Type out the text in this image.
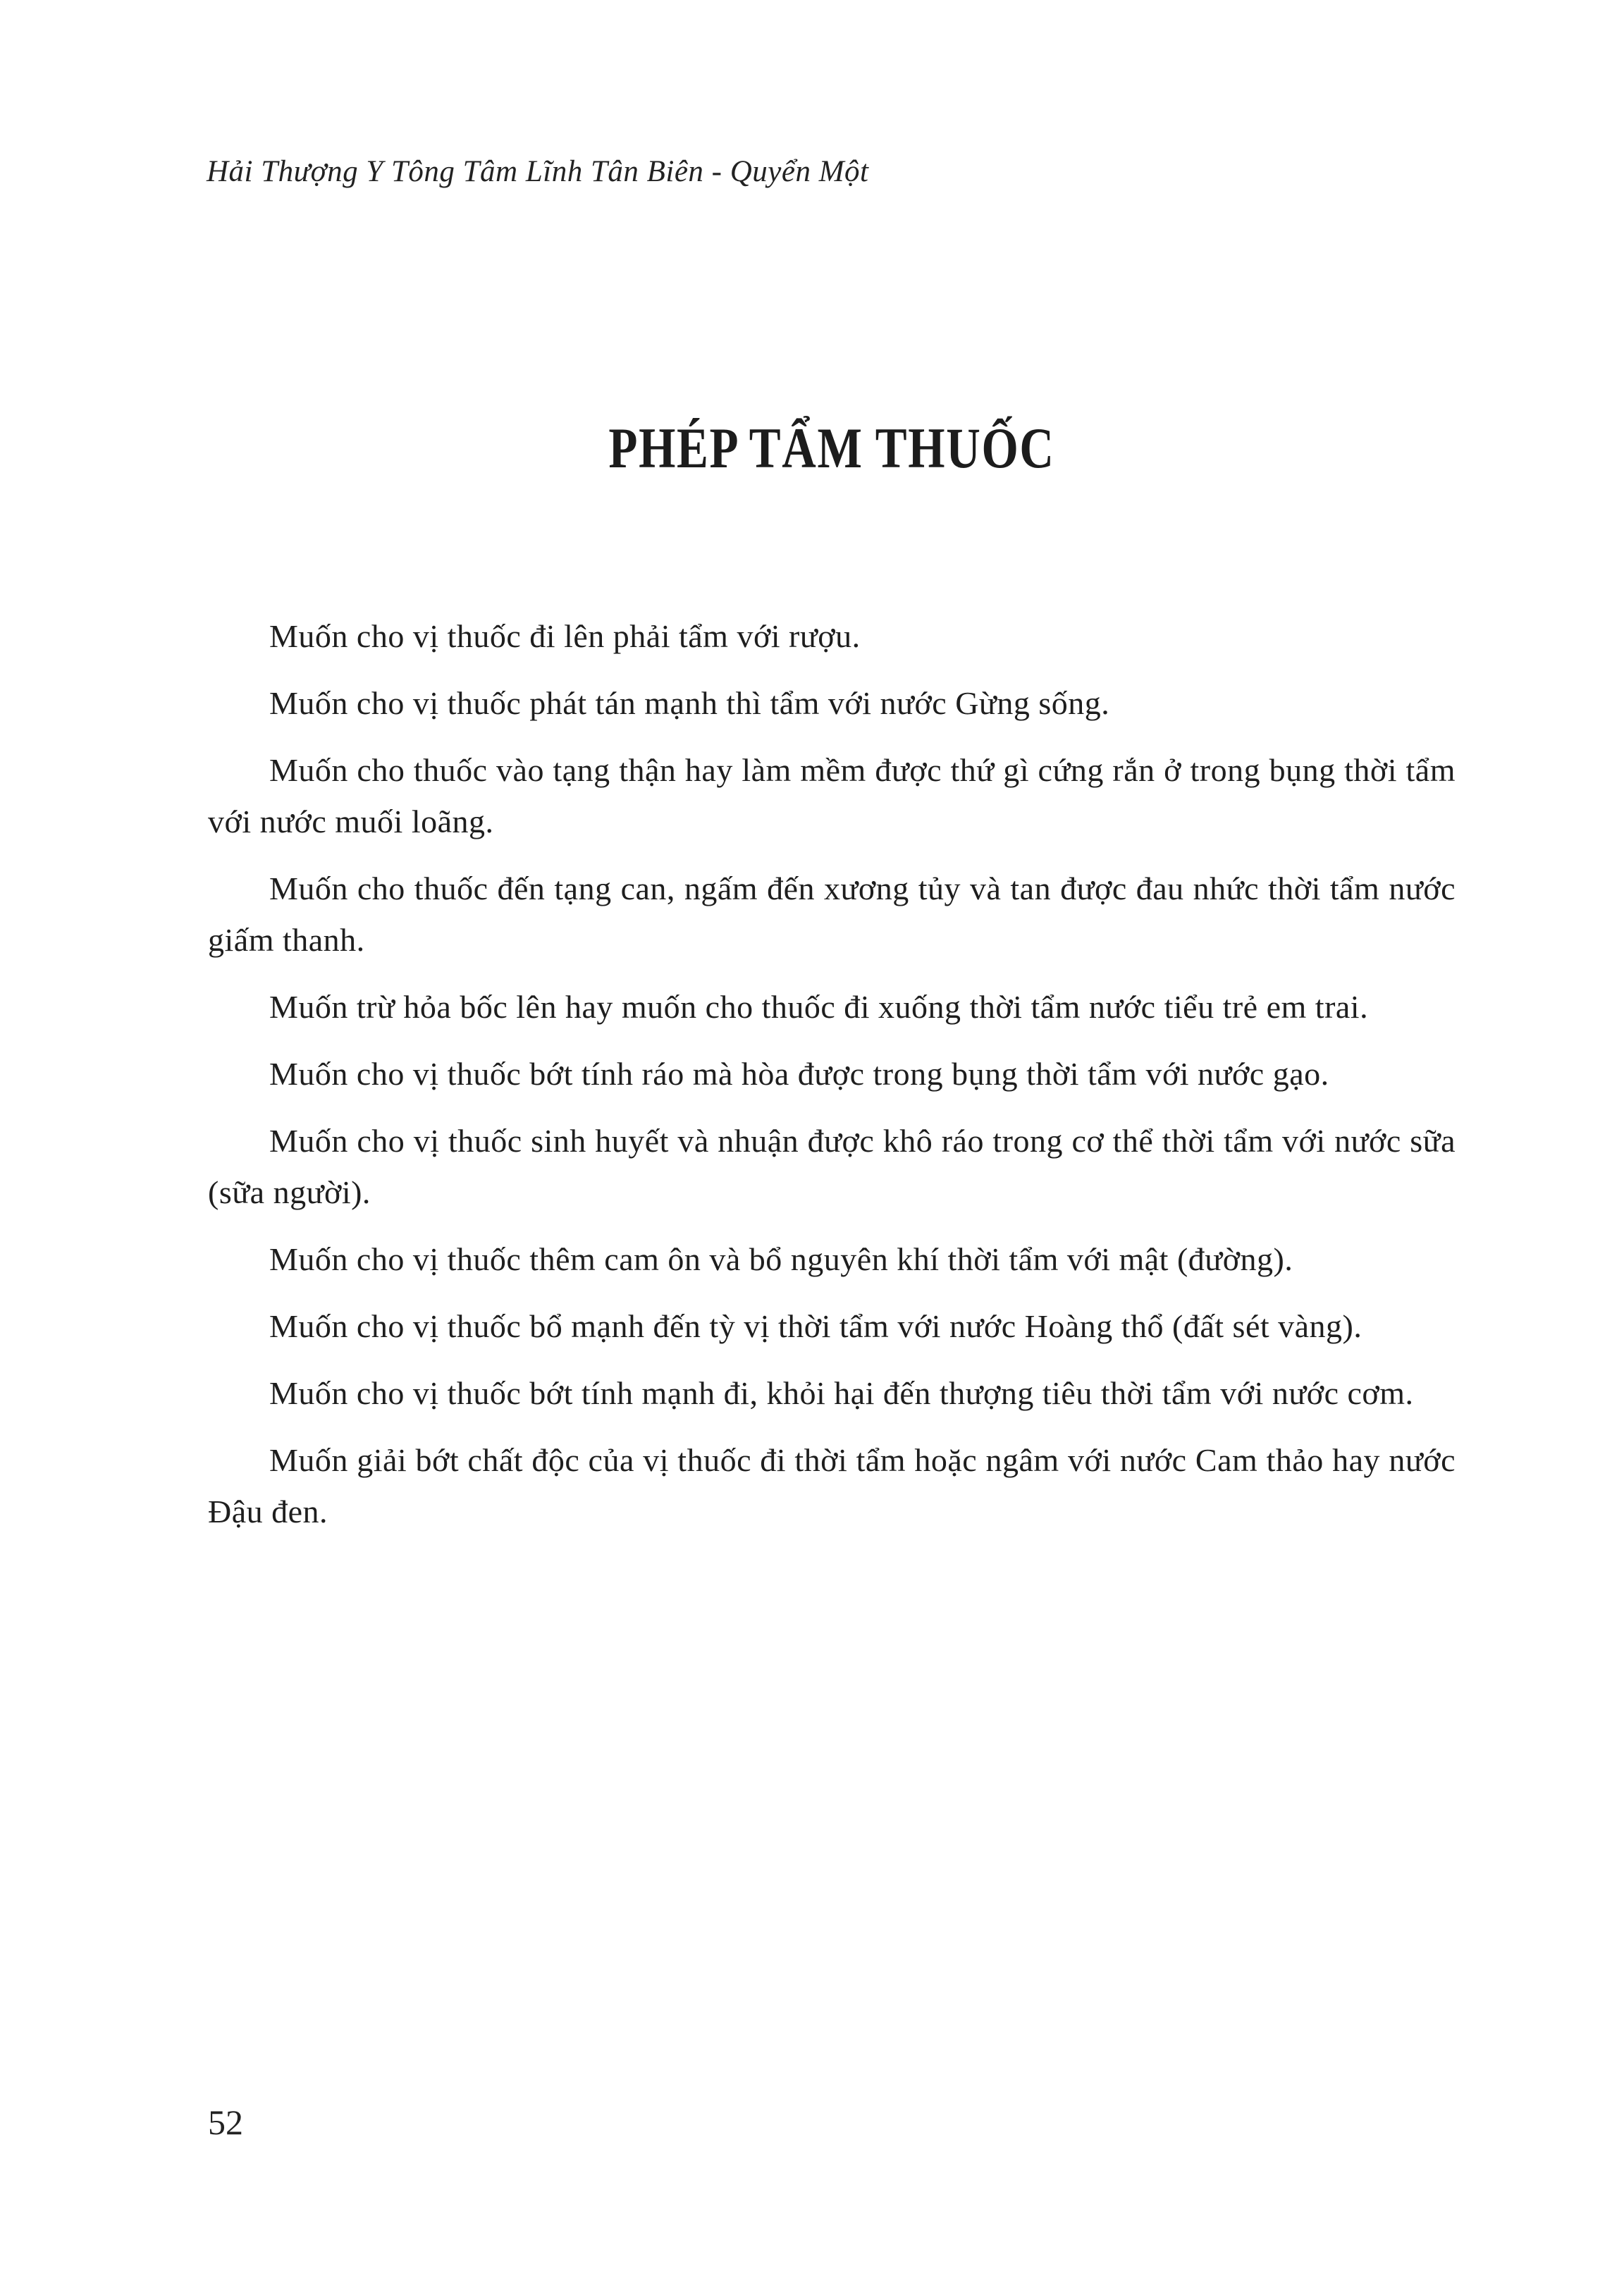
Hải Thượng Y Tông Tâm Lĩnh Tân Biên - Quyển Một
PHÉP TẨM THUỐC

Muốn cho vị thuốc đi lên phải tẩm với rượu.

Muốn cho vị thuốc phát tán mạnh thì tẩm với nước Gừng sống.

Muốn cho thuốc vào tạng thận hay làm mềm được thứ gì cứng rắn ở trong bụng thời tẩm với nước muối loãng.

Muốn cho thuốc đến tạng can, ngấm đến xương tủy và tan được đau nhức thời tẩm nước giấm thanh.

Muốn trừ hỏa bốc lên hay muốn cho thuốc đi xuống thời tẩm nước tiểu trẻ em trai.

Muốn cho vị thuốc bớt tính ráo mà hòa được trong bụng thời tẩm với nước gạo.

Muốn cho vị thuốc sinh huyết và nhuận được khô ráo trong cơ thể thời tẩm với nước sữa (sữa người).

Muốn cho vị thuốc thêm cam ôn và bổ nguyên khí thời tẩm với mật (đường).

Muốn cho vị thuốc bổ mạnh đến tỳ vị thời tẩm với nước Hoàng thổ (đất sét vàng).

Muốn cho vị thuốc bớt tính mạnh đi, khỏi hại đến thượng tiêu thời tẩm với nước cơm.

Muốn giải bớt chất độc của vị thuốc đi thời tẩm hoặc ngâm với nước Cam thảo hay nước Đậu đen.

52
